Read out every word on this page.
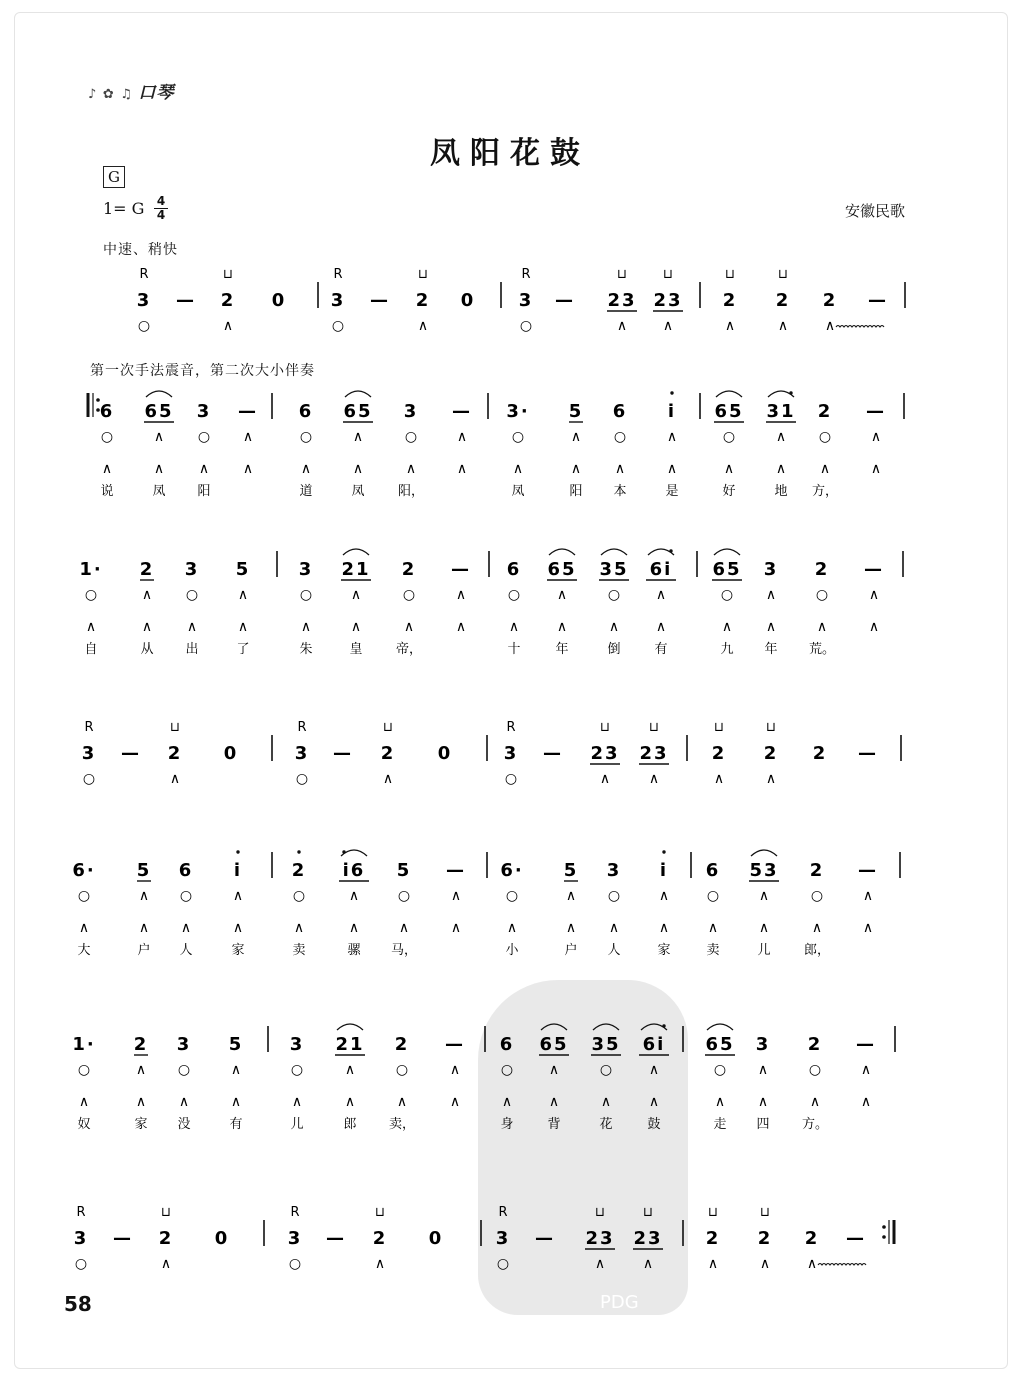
PDG
♪ ✿ ♫ 口琴
凤阳花鼓
G
1= G 4
4	安徽民歌
中速、稍快
第一次手法震音，第二次大小伴奏
R
3
○
—
⊔
2
∧
0
R
3
○
—
⊔
2
∧
0
R
3
○
—
⊔
23
∧
⊔
23
∧
⊔
2
∧
⊔
2
∧
2
∧
—
6
○
∧
说
65
∧
∧
凤
3
○
∧
阳
—
∧
∧
6
○
∧
道
65
∧
∧
凤
3
○
∧
阳，
—
∧
∧
3·
○
∧
凤
5
∧
∧
阳
6
○
∧
本
i
∧
∧
是
65
○
∧
好
31
∧
∧
地
2
○
∧
方，
—
∧
∧
1·
○
∧
自
2
∧
∧
从
3
○
∧
出
5
∧
∧
了
3
○
∧
朱
21
∧
∧
皇
2
○
∧
帝，
—
∧
∧
6
○
∧
十
65
∧
∧
年
35
○
∧
倒
6i
∧
∧
有
65
○
∧
九
3
∧
∧
年
2
○
∧
荒。
—
∧
∧
R
3
○
—
⊔
2
∧
0
R
3
○
—
⊔
2
∧
0
R
3
○
—
⊔
23
∧
⊔
23
∧
⊔
2
∧
⊔
2
∧
2 —
6·
○
∧
大
5
∧
∧
户
6
○
∧
人
i
∧
∧
家
2
○
∧
卖
i6
∧
∧
骡
5
○
∧
马，
—
∧
∧
6·
○
∧
小
5
∧
∧
户
3
○
∧
人
i
∧
∧
家
6
○
∧
卖
53
∧
∧
儿
2
○
∧
郎，
—
∧
∧
1·
○
∧
奴
2
∧
∧
家
3
○
∧
没
5
∧
∧
有
3
○
∧
儿
21
∧
∧
郎
2
○
∧
卖，
—
∧
∧
6
○
∧
身
65
∧
∧
背
35
○
∧
花
6i
∧
∧
鼓
65
○
∧
走
3
∧
∧
四
2
○
∧
方。
—
∧
∧
R
3
○
—
⊔
2
∧
0
R
3
○
—
⊔
2
∧
0
R
3
○
—
⊔
23
∧
⊔
23
∧
⊔
2
∧
⊔
2
∧
2
∧
—
58
